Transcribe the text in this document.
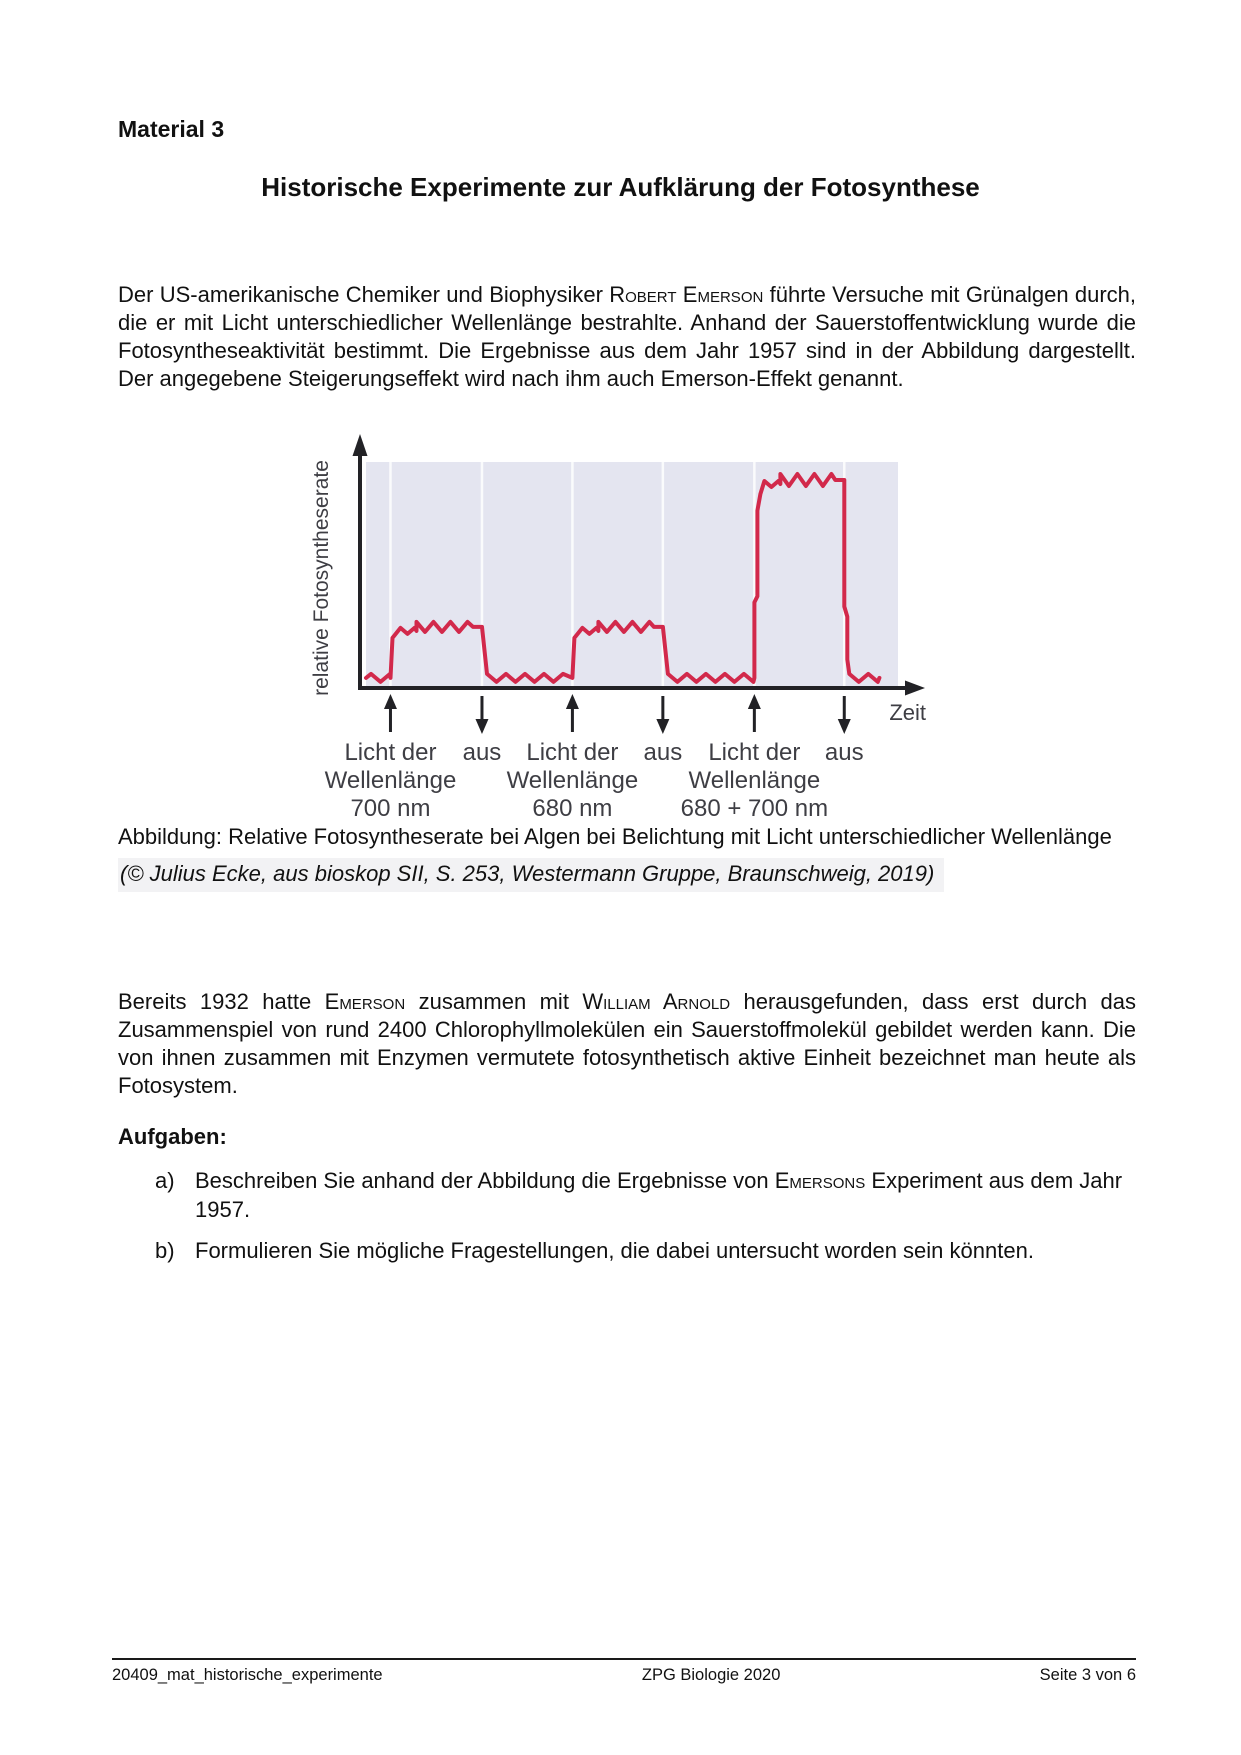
Material 3
Historische Experimente zur Aufklärung der Fotosynthese

Der US-amerikanische Chemiker und Biophysiker Robert Emerson führte Versuche mit Grünalgen durch, die er mit Licht unterschiedlicher Wellenlänge bestrahlte. Anhand der Sauerstoffentwicklung wurde die Fotosyntheseaktivität bestimmt. Die Ergebnisse aus dem Jahr 1957 sind in der Abbildung dargestellt. Der angegebene Steigerungseffekt wird nach ihm auch Emerson-Effekt genannt.

Licht der
Wellenlänge
700 nm
aus Licht der
Wellenlänge
680 nm
aus Licht der
Wellenlänge
680 + 700 nm
aus
relative Fotosyntheserate
Zeit
Abbildung: Relative Fotosyntheserate bei Algen bei Belichtung mit Licht unterschiedlicher Wellenlänge
(© Julius Ecke, aus bioskop SII, S. 253, Westermann Gruppe, Braunschweig, 2019)

Bereits 1932 hatte Emerson zusammen mit William Arnold herausgefunden, dass erst durch das Zusammenspiel von rund 2400 Chlorophyllmolekülen ein Sauerstoffmolekül gebildet werden kann. Die von ihnen zusammen mit Enzymen vermutete fotosynthetisch aktive Einheit bezeichnet man heute als Fotosystem.

Aufgaben:
a) Beschreiben Sie anhand der Abbildung die Ergebnisse von Emersons Experiment aus dem Jahr 1957.
b) Formulieren Sie mögliche Fragestellungen, die dabei untersucht worden sein könnten.
20409_mat_historische_experimente	ZPG Biologie 2020	Seite 3 von 6
